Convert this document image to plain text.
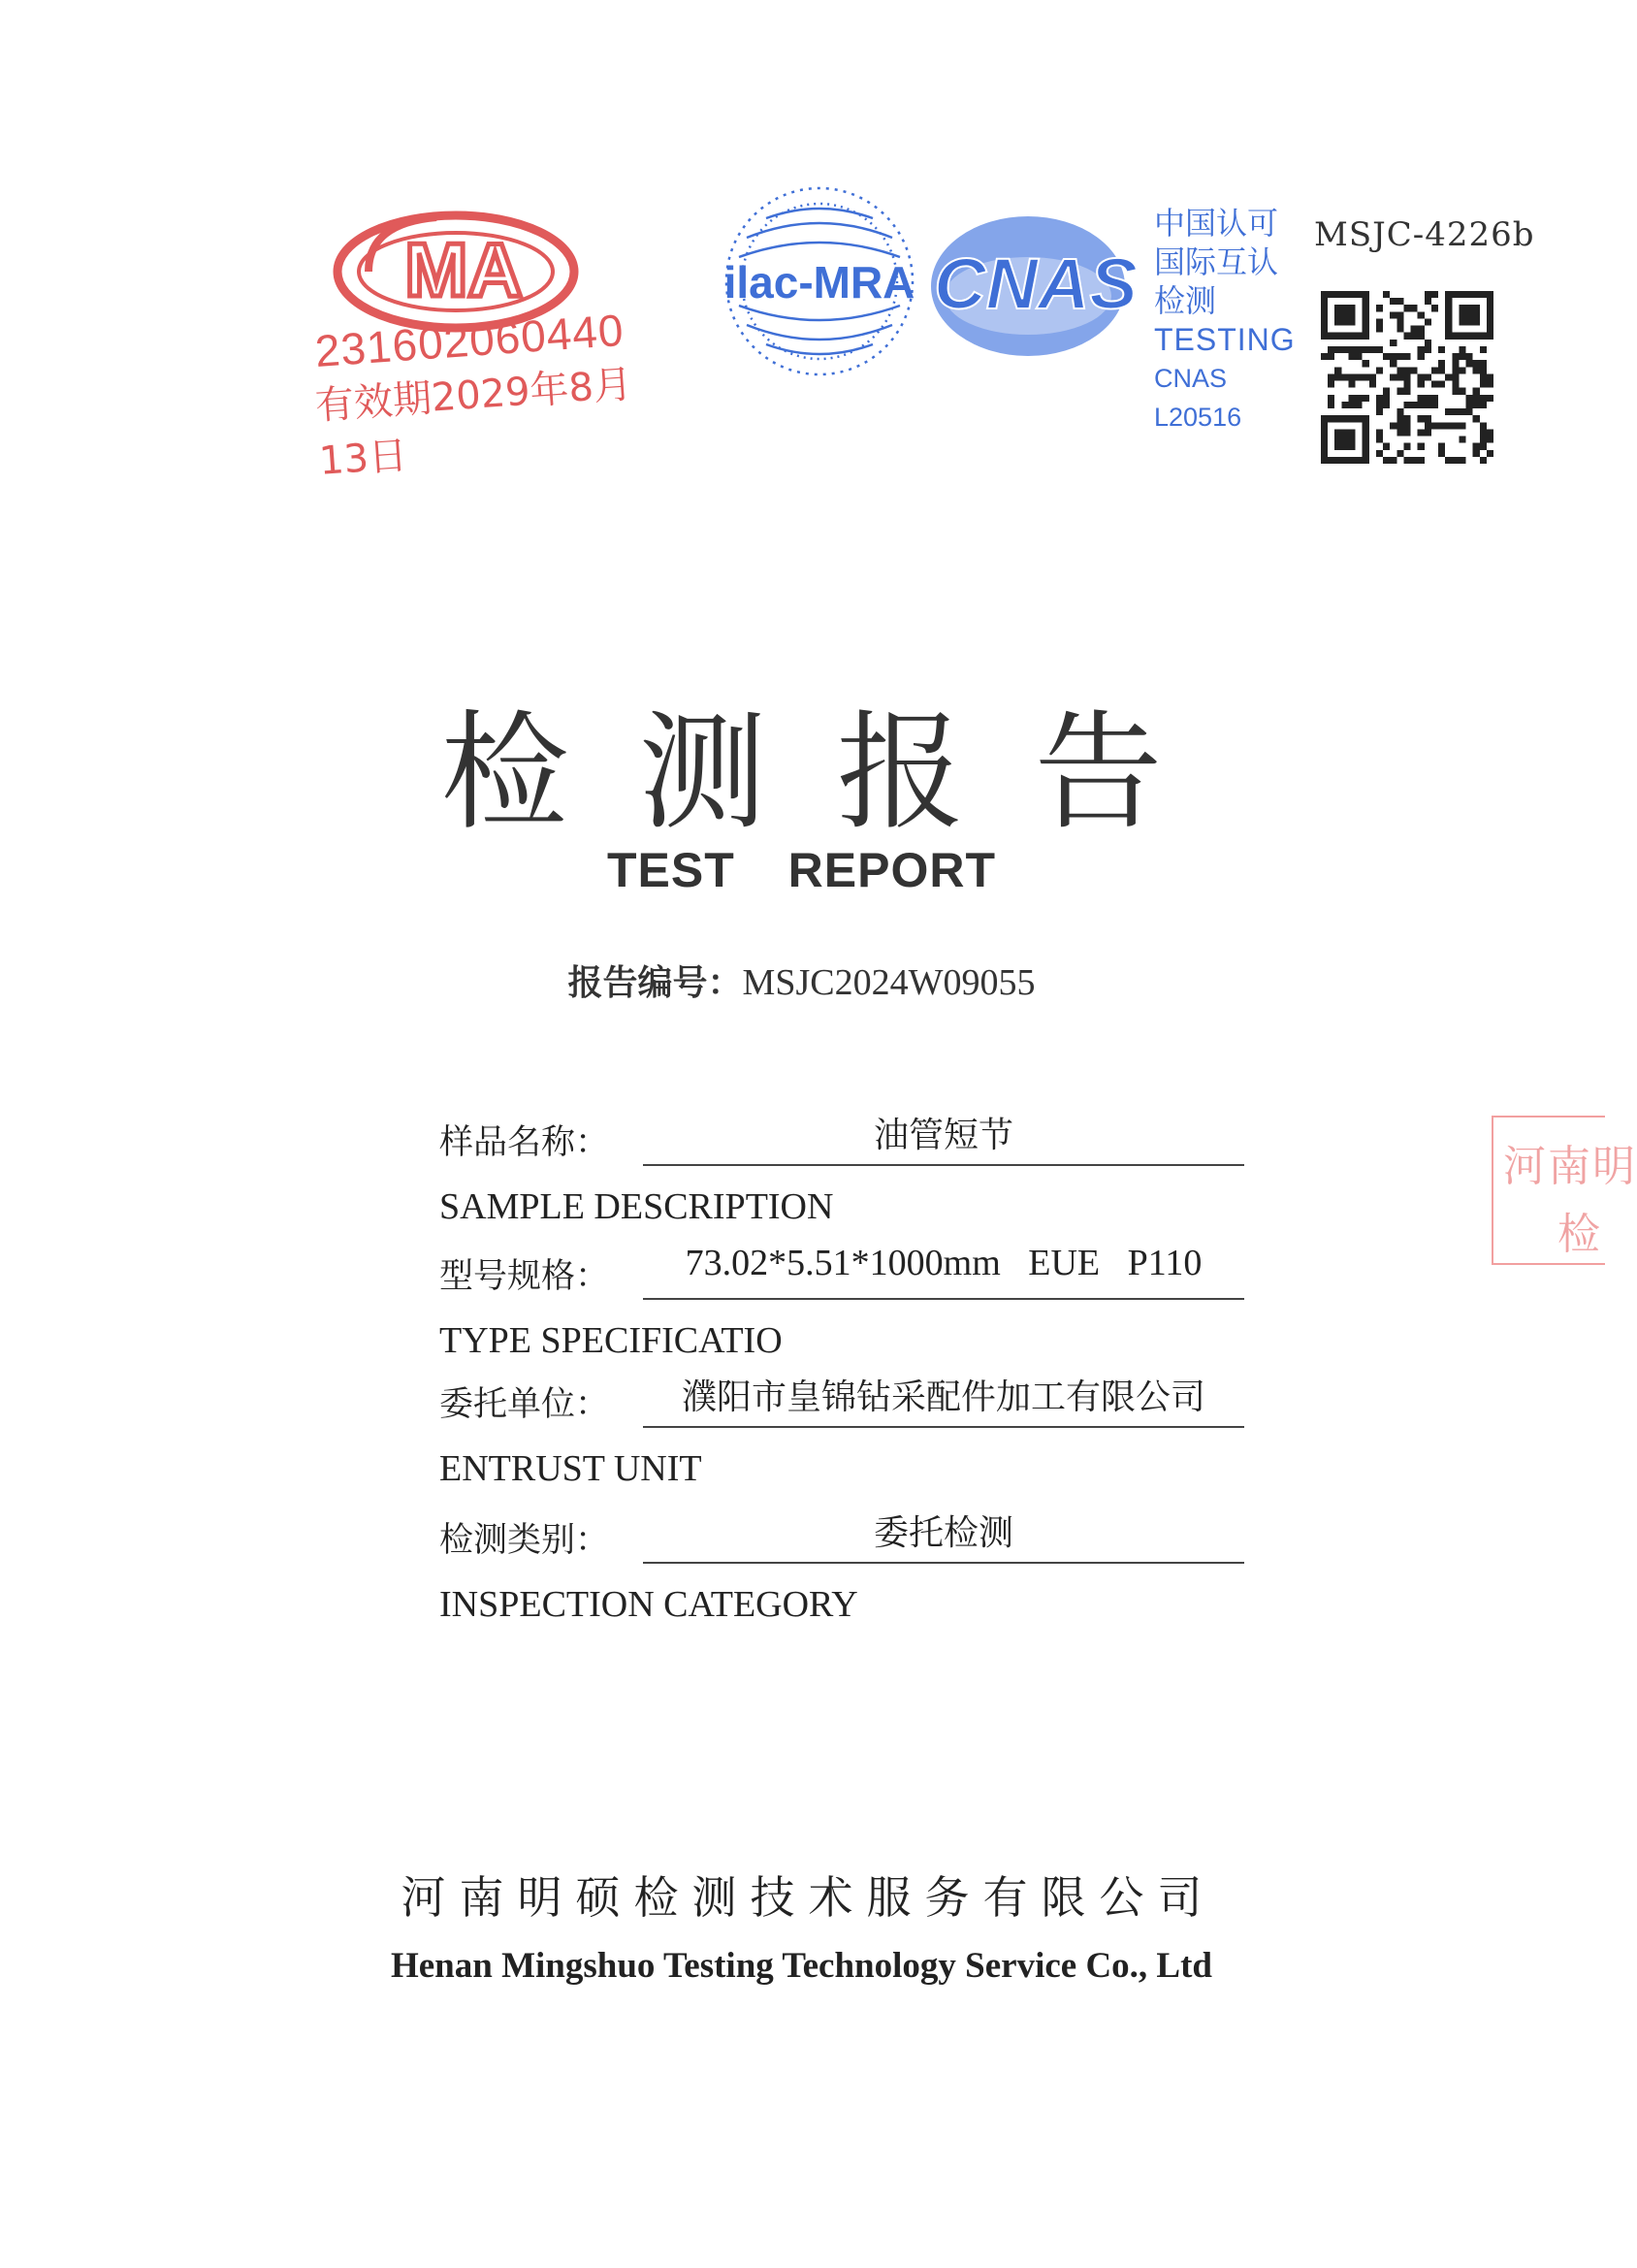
MA
231602060440
有效期2029年8月13日
ilac-MRA CNAS
中国认可
国际互认
检测
TESTING
CNAS L20516
MSJC-4226b
检测报告
TEST REPORT
报告编号：MSJC2024W09055
样品名称：	油管短节
SAMPLE DESCRIPTION
型号规格：	73.02*5.51*1000mm   EUE   P110
TYPE SPECIFICATIO
委托单位：	濮阳市皇锦钻采配件加工有限公司
ENTRUST UNIT
检测类别：	委托检测
INSPECTION CATEGORY
河南明硕检测技术服务有限公司
Henan Mingshuo Testing Technology Service Co., Ltd
河南明
检
